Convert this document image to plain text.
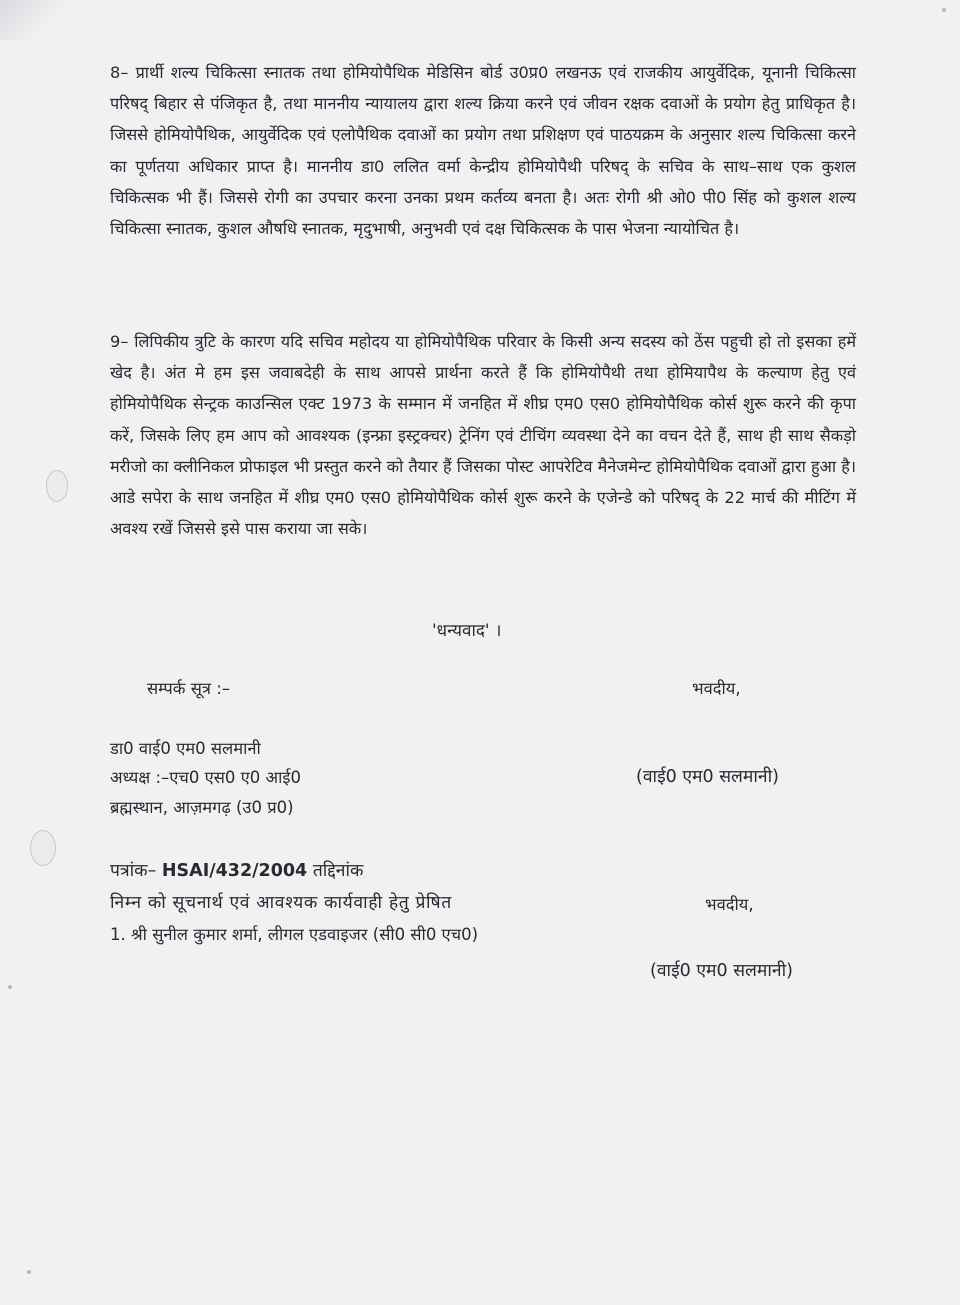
8– प्रार्थी शल्य चिकित्सा स्नातक तथा होमियोपैथिक मेडिसिन बोर्ड उ0प्र0 लखनऊ एवं राजकीय आयुर्वेदिक, यूनानी चिकित्सा परिषद् बिहार से पंजिकृत है, तथा माननीय न्यायालय द्वारा शल्य क्रिया करने एवं जीवन रक्षक दवाओं के प्रयोग हेतु प्राधिकृत है। जिससे होमियोपैथिक, आयुर्वेदिक एवं एलोपैथिक दवाओं का प्रयोग तथा प्रशिक्षण एवं पाठयक्रम के अनुसार शल्य चिकित्सा करने का पूर्णतया अधिकार प्राप्त है। माननीय डा0 ललित वर्मा केन्द्रीय होमियोपैथी परिषद् के सचिव के साथ–साथ एक कुशल चिकित्सक भी हैं। जिससे रोगी का उपचार करना उनका प्रथम कर्तव्य बनता है। अतः रोगी श्री ओ0 पी0 सिंह को कुशल शल्य चिकित्सा स्नातक, कुशल औषधि स्नातक, मृदुभाषी, अनुभवी एवं दक्ष चिकित्सक के पास भेजना न्यायोचित है।

9– लिपिकीय त्रुटि के कारण यदि सचिव महोदय या होमियोपैथिक परिवार के किसी अन्य सदस्य को ठेंस पहुची हो तो इसका हमें खेद है। अंत मे हम इस जवाबदेही के साथ आपसे प्रार्थना करते हैं कि होमियोपैथी तथा होमियापैथ के कल्याण हेतु एवं होमियोपैथिक सेन्ट्रक काउन्सिल एक्ट 1973 के सम्मान में जनहित में शीघ्र एम0 एस0 होमियोपैथिक कोर्स शुरू करने की कृपा करें, जिसके लिए हम आप को आवश्यक (इन्फ्रा इस्ट्रक्चर) ट्रेनिंग एवं टीचिंग व्यवस्था देने का वचन देते हैं, साथ ही साथ सैकड़ो मरीजो का क्लीनिकल प्रोफाइल भी प्रस्तुत करने को तैयार हैं जिसका पोस्ट आपरेटिव मैनेजमेन्ट होमियोपैथिक दवाओं द्वारा हुआ है। आडे सपेरा के साथ जनहित में शीघ्र एम0 एस0 होमियोपैथिक कोर्स शुरू करने के एजेन्डे को परिषद् के 22 मार्च की मीटिंग में अवश्य रखें जिससे इसे पास कराया जा सके।

'धन्यवाद' ।

सम्पर्क सूत्र :–	भवदीय,

डा0 वाई0 एम0 सलमानी

अध्यक्ष :–एच0 एस0 ए0 आई0	(वाई0 एम0 सलमानी)

ब्रह्मस्थान, आज़मगढ़ (उ0 प्र0)

पत्रांक– HSAI/432/2004 तद्दिनांक

निम्न को सूचनार्थ एवं आवश्यक कार्यवाही हेतु प्रेषित	भवदीय,

1. श्री सुनील कुमार शर्मा, लीगल एडवाइजर (सी0 सी0 एच0)

(वाई0 एम0 सलमानी)
